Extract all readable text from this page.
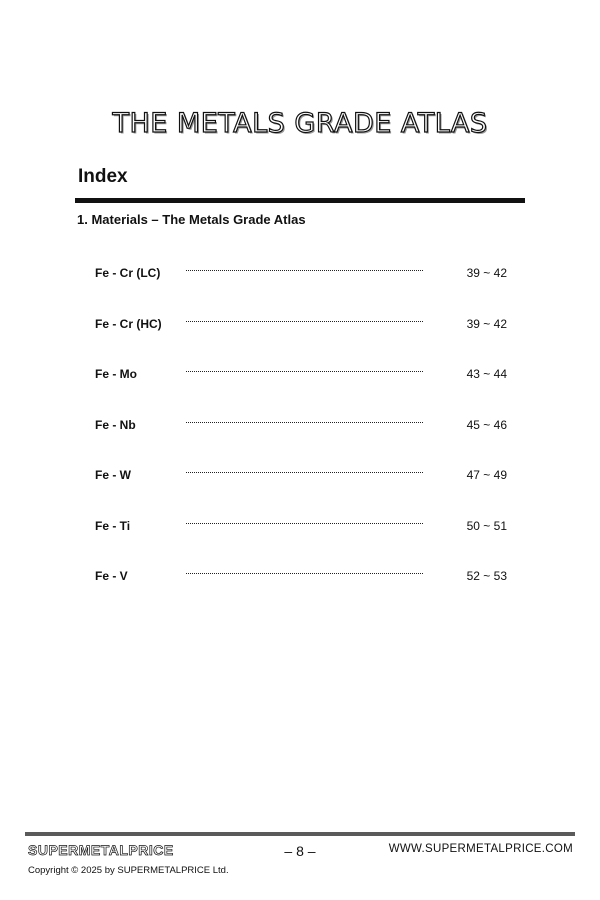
THE METALS GRADE ATLAS
Index
1. Materials – The Metals Grade Atlas
Fe - Cr (LC)	39 ~ 42
Fe - Cr (HC)	39 ~ 42
Fe - Mo	43 ~ 44
Fe - Nb	45 ~ 46
Fe - W	47 ~ 49
Fe - Ti	50 ~ 51
Fe - V	52 ~ 53
SUPERMETALPRICE	– 8 –	WWW.SUPERMETALPRICE.COM
Copyright © 2025 by SUPERMETALPRICE Ltd.
